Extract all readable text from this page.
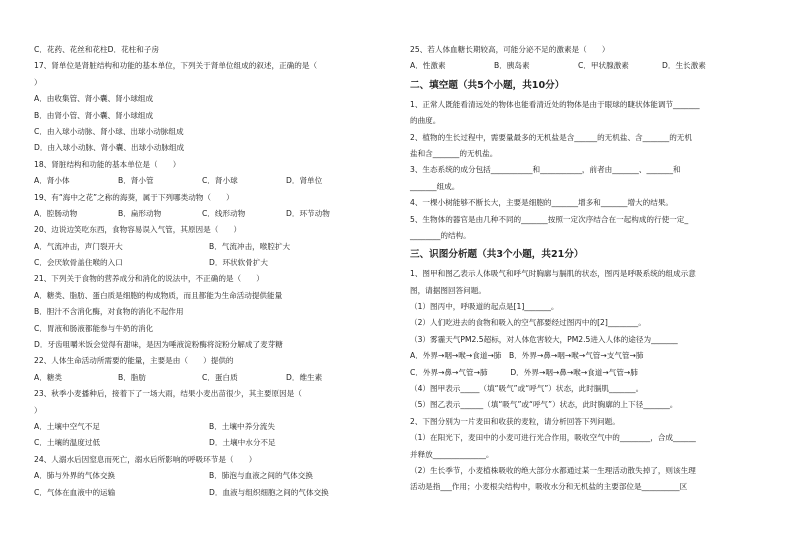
C．花药、花丝和花柱D．花柱和子房
17、肾单位是肾脏结构和功能的基本单位，下列关于肾单位组成的叙述，正确的是（
）
A．由收集管、肾小囊、肾小球组成
B．由肾小管、肾小囊、肾小球组成
C．由入球小动脉、肾小球、出球小动脉组成
D．由入球小动脉、肾小囊、出球小动脉组成
18、肾脏结构和功能的基本单位是（　　）
A．肾小体	B．肾小管	C．肾小球	D．肾单位
19、有“海中之花”之称的海葵，属于下列哪类动物（　　）
A．腔肠动物	B．扁形动物	C．线形动物	D．环节动物
20、边说边笑吃东西，食物容易误入气管，其原因是（　　）
A．气流冲击，声门裂开大	B．气流冲击，喉腔扩大
C．会厌软骨盖住喉的入口	D．环状软骨扩大
21、下列关于食物的营养成分和消化的说法中，不正确的是（　　）
A．糖类、脂肪、蛋白质是细胞的构成物质，而且都能为生命活动提供能量
B．胆汁不含消化酶，对食物的消化不起作用
C．胃液和肠液都能参与牛奶的消化
D．牙齿咀嚼米饭会觉得有甜味，是因为唾液淀粉酶将淀粉分解成了麦芽糖
22、人体生命活动所需要的能量，主要是由（　　）提供的
A．糖类	B．脂肪	C．蛋白质	D．维生素
23、秋季小麦播种后，接着下了一场大雨，结果小麦出苗很少，其主要原因是（
）
A．土壤中空气不足	B．土壤中养分流失
C．土壤的温度过低	D．土壤中水分不足
24、人溺水后因窒息而死亡，溺水后所影响的呼吸环节是（　　）
A．肺与外界的气体交换	B．肺泡与血液之间的气体交换
C．气体在血液中的运输	D．血液与组织细胞之间的气体交换
25、若人体血糖长期较高，可能分泌不足的激素是（　　）
A．性激素	B．胰岛素	C．甲状腺激素	D．生长激素
二、填空题（共5个小题，共10分）
1、正常人既能看清远处的物体也能看清近处的物体是由于眼球的睫状体能调节_______
的曲度。
2、植物的生长过程中，需要量最多的无机盐是含______的无机盐、含_______的无机
盐和含_______的无机盐。
3、生态系统的成分包括___________和___________，前者由_______、_______和
_______组成。
4、一棵小树能够不断长大，主要是细胞的_______增多和_______增大的结果。
5、生物体的器官是由几种不同的_______按照一定次序结合在一起构成的行使一定_
________的结构。
三、识图分析题（共3个小题，共21分）
1、图甲和图乙表示人体吸气和呼气时胸廓与膈肌的状态，图丙是呼吸系统的组成示意
图，请据图回答问题。
（1）图丙中，呼吸道的起点是[1]_______。
（2）人们吃进去的食物和吸入的空气都要经过图丙中的[2]________。
（3）雾霾天气PM2.5超标，对人体危害较大，PM2.5进入人体的途径为_______
A．外界→咽→喉→食道→肺　B．外界→鼻→咽→喉→气管→支气管→肺
C．外界→鼻→气管→肺　　　D．外界→咽→鼻→喉→食道→气管→肺
（4）图甲表示_____（填“吸气”或“呼气”）状态，此时膈肌_______。
（5）图乙表示______（填“吸气”或“呼气”）状态，此时胸廓的上下径_______。
2、下图分别为一片麦田和收获的麦粒，请分析回答下列问题。
（1）在阳光下，麦田中的小麦可进行光合作用，吸收空气中的________，合成______
并释放______________。
（2）生长季节，小麦植株吸收的绝大部分水都通过某一生理活动散失掉了，则该生理
活动是指___作用；小麦根尖结构中，吸收水分和无机盐的主要部位是__________区
